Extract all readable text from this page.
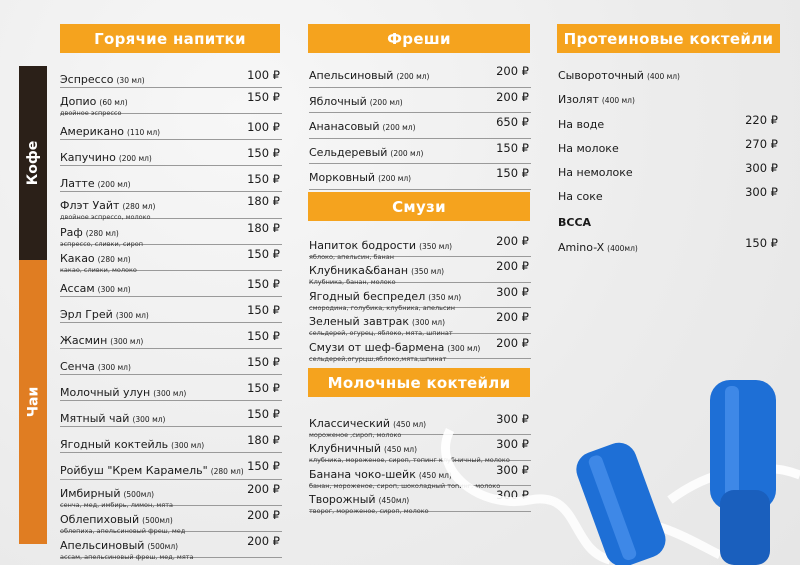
Горячие напитки	Фреши	Протеиновые коктейли
Смузи
Молочные коктейли
Кофе
Чаи
Эспрессо (30 мл)	100 ₽
Допио (60 мл)	150 ₽
двойное эспрессо
Американо (110 мл)	100 ₽
Капучино (200 мл)	150 ₽
Латте (200 мл)	150 ₽
Флэт Уайт (280 мл)	180 ₽
двойное эспрессо, молоко
Раф (280 мл)	180 ₽
эспрессо, сливки, сироп
Какао (280 мл)	150 ₽
какао, сливки, молоко
Ассам (300 мл)	150 ₽
Эрл Грей (300 мл)	150 ₽
Жасмин (300 мл)	150 ₽
Сенча (300 мл)	150 ₽
Молочный улун (300 мл)	150 ₽
Мятный чай (300 мл)	150 ₽
Ягодный коктейль (300 мл)	180 ₽
Ройбуш "Крем Карамель" (280 мл) 150 ₽
Имбирный (500мл)	200 ₽
сенча, мед, имбирь, лимон, мята
Облепиховый (500мл)	200 ₽
облепиха, апельсиновый фреш, мед
Апельсиновый (500мл)	200 ₽
ассам, апельсиновый фреш, мед, мята
Апельсиновый (200 мл)	200 ₽
Яблочный (200 мл)	200 ₽
Ананасовый (200 мл)	650 ₽
Сельдеревый (200 мл)	150 ₽
Морковный (200 мл)	150 ₽
Напиток бодрости (350 мл)	200 ₽
яблоко, апельсин, банан
Клубника&банан (350 мл)	200 ₽
Клубника, банан, молоко
Ягодный беспредел (350 мл)	300 ₽
смородина, голубика, клубника, апельсин
Зеленый завтрак (300 мл)	200 ₽
сельдерей, огурец, яблоко, мята, шпинат
Смузи от шеф-бармена (300 мл) 200 ₽
сельдерей,огурцш,яблоко,мята,шпинат
Классический (450 мл)	300 ₽
мороженое ,сироп, молоко
Клубничный (450 мл)	300 ₽
клубника, мороженое, сироп, топинг клубничный, молоко
Банана чоко-шейк (450 мл)	300 ₽
банан, мороженое, сироп, шоколадный топинг, молоко
Творожный (450мл)	300 ₽
творог, мороженое, сироп, молоко
Сывороточный (400 мл)
Изолят (400 мл)
На воде	220 ₽
На молоке	270 ₽
На немолоке	300 ₽
На соке	300 ₽
BCCA
Amino-X (400мл)	150 ₽
